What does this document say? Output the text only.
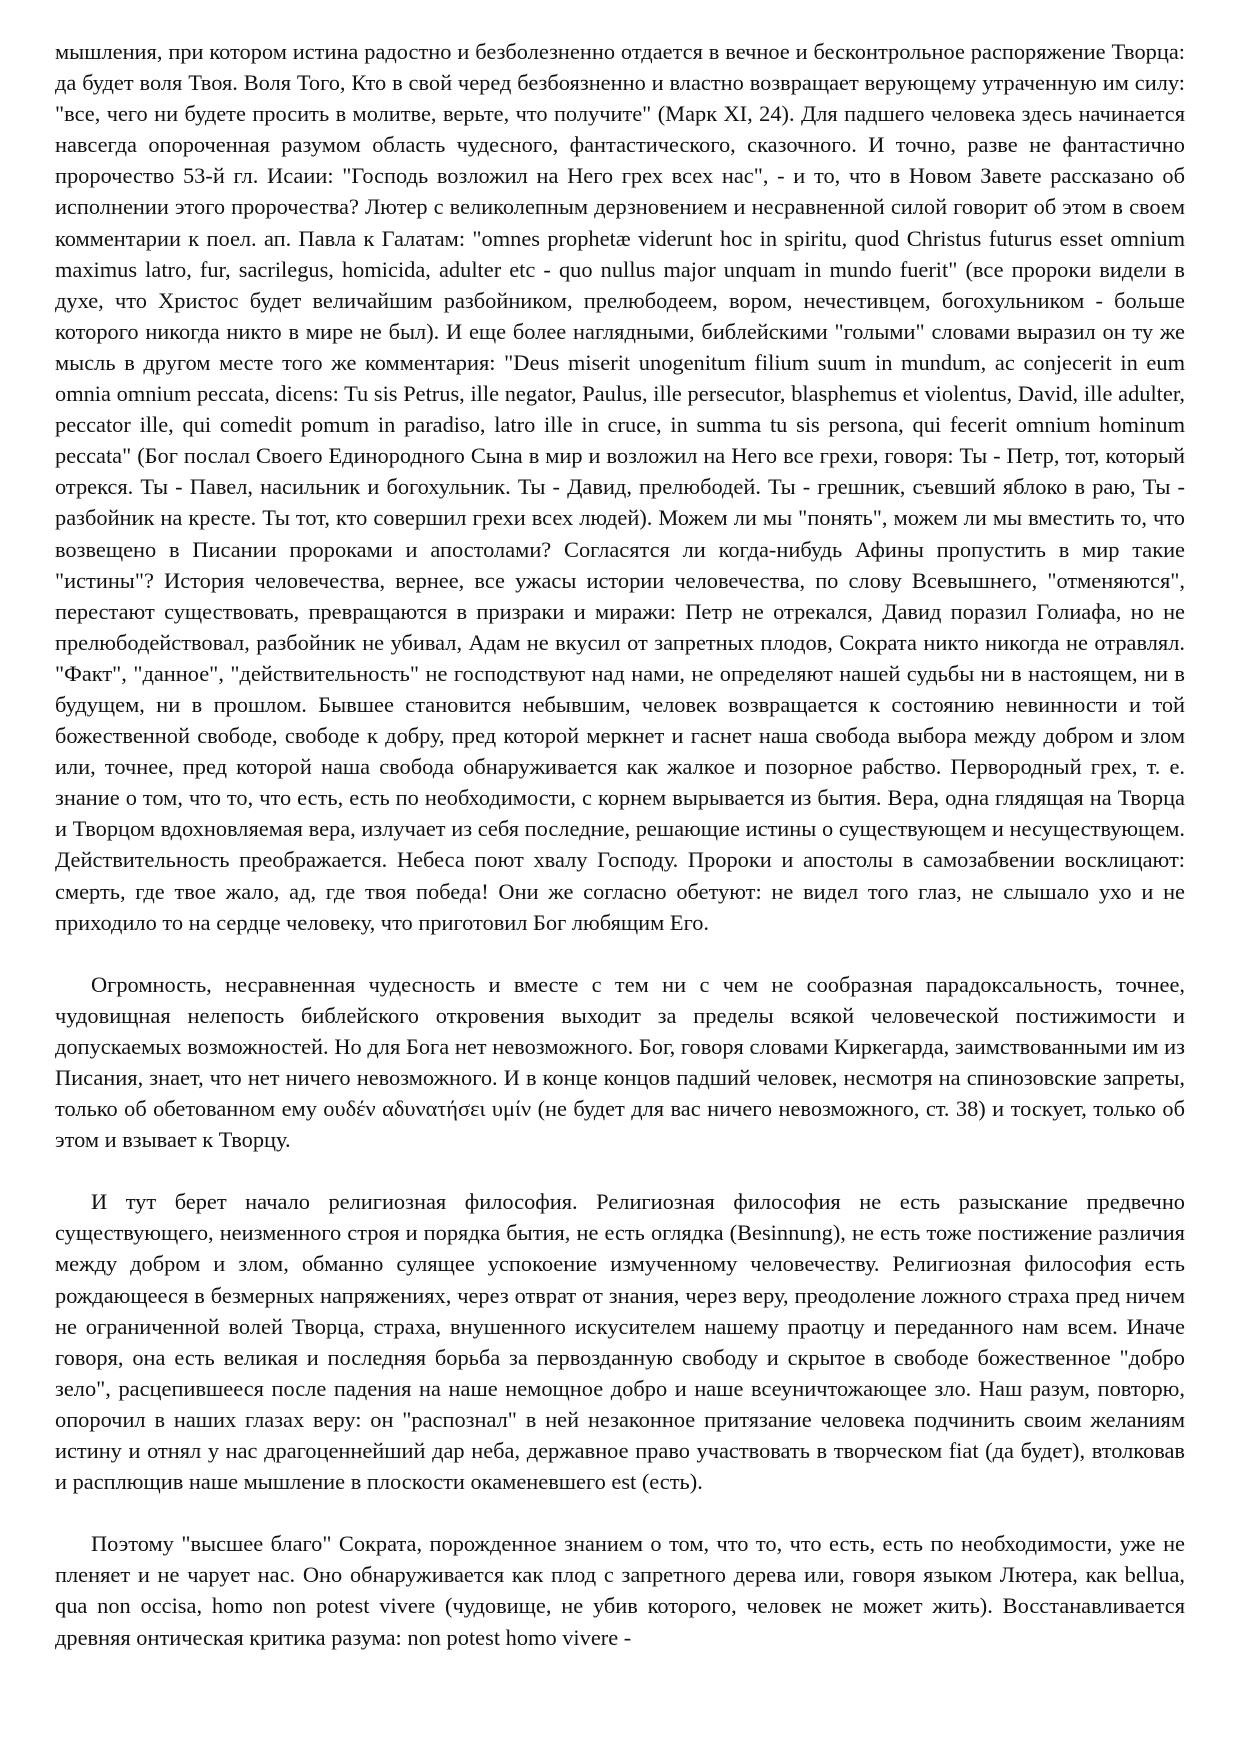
мышления, при котором истина радостно и безболезненно отдается в вечное и бесконтрольное распоряжение Творца: да будет воля Твоя. Воля Того, Кто в свой черед безбоязненно и властно возвращает верующему утраченную им силу: "все, чего ни будете просить в молитве, верьте, что получите" (Марк XI, 24). Для падшего человека здесь начинается навсегда опороченная разумом область чудесного, фантастического, сказочного. И точно, разве не фантастично пророчество 53-й гл. Исаии: "Господь возложил на Него грех всех нас", - и то, что в Новом Завете рассказано об исполнении этого пророчества? Лютер с великолепным дерзновением и несравненной силой говорит об этом в своем комментарии к поел. ап. Павла к Галатам: "omnes prophetæ viderunt hoc in spiritu, quod Christus futurus esset omnium maximus latro, fur, sacrilegus, homicida, adulter etc - quo nullus major unquam in mundo fuerit" (все пророки видели в духе, что Христос будет величайшим разбойником, прелюбодеем, вором, нечестивцем, богохульником - больше которого никогда никто в мире не был). И еще более наглядными, библейскими "голыми" словами выразил он ту же мысль в другом месте того же комментария: "Deus miserit unogenitum filium suum in mundum, ac conjecerit in eum omnia omnium peccata, dicens: Tu sis Petrus, ille negator, Paulus, ille persecutor, blasphemus et violentus, David, ille adulter, peccator ille, qui comedit pomum in paradiso, latro ille in cruce, in summa tu sis persona, qui fecerit omnium hominum peccata" (Бог послал Своего Единородного Сына в мир и возложил на Него все грехи, говоря: Ты - Петр, тот, который отрекся. Ты - Павел, насильник и богохульник. Ты - Давид, прелюбодей. Ты - грешник, съевший яблоко в раю, Ты - разбойник на кресте. Ты тот, кто совершил грехи всех людей). Можем ли мы "понять", можем ли мы вместить то, что возвещено в Писании пророками и апостолами? Согласятся ли когда-нибудь Афины пропустить в мир такие "истины"? История человечества, вернее, все ужасы истории человечества, по слову Всевышнего, "отменяются", перестают существовать, превращаются в призраки и миражи: Петр не отрекался, Давид поразил Голиафа, но не прелюбодействовал, разбойник не убивал, Адам не вкусил от запретных плодов, Сократа никто никогда не отравлял. "Факт", "данное", "действительность" не господствуют над нами, не определяют нашей судьбы ни в настоящем, ни в будущем, ни в прошлом. Бывшее становится небывшим, человек возвращается к состоянию невинности и той божественной свободе, свободе к добру, пред которой меркнет и гаснет наша свобода выбора между добром и злом или, точнее, пред которой наша свобода обнаруживается как жалкое и позорное рабство. Первородный грех, т. е. знание о том, что то, что есть, есть по необходимости, с корнем вырывается из бытия. Вера, одна глядящая на Творца и Творцом вдохновляемая вера, излучает из себя последние, решающие истины о существующем и несуществующем. Действительность преображается. Небеса поют хвалу Господу. Пророки и апостолы в самозабвении восклицают: смерть, где твое жало, ад, где твоя победа! Они же согласно обетуют: не видел того глаз, не слышало ухо и не приходило то на сердце человеку, что приготовил Бог любящим Его.

Огромность, несравненная чудесность и вместе с тем ни с чем не сообразная парадоксальность, точнее, чудовищная нелепость библейского откровения выходит за пределы всякой человеческой постижимости и допускаемых возможностей. Но для Бога нет невозможного. Бог, говоря словами Киркегарда, заимствованными им из Писания, знает, что нет ничего невозможного. И в конце концов падший человек, несмотря на спинозовские запреты, только об обетованном ему ουδέν αδυνατήσει υμίν (не будет для вас ничего невозможного, ст. 38) и тоскует, только об этом и взывает к Творцу.

И тут берет начало религиозная философия. Религиозная философия не есть разыскание предвечно существующего, неизменного строя и порядка бытия, не есть оглядка (Besinnung), не есть тоже постижение различия между добром и злом, обманно сулящее успокоение измученному человечеству. Религиозная философия есть рождающееся в безмерных напряжениях, через отврат от знания, через веру, преодоление ложного страха пред ничем не ограниченной волей Творца, страха, внушенного искусителем нашему праотцу и переданного нам всем. Иначе говоря, она есть великая и последняя борьба за первозданную свободу и скрытое в свободе божественное "добро зело", расцепившееся после падения на наше немощное добро и наше всеуничтожающее зло. Наш разум, повторю, опорочил в наших глазах веру: он "распознал" в ней незаконное притязание человека подчинить своим желаниям истину и отнял у нас драгоценнейший дар неба, державное право участвовать в творческом fiat (да будет), втолковав и расплющив наше мышление в плоскости окаменевшего est (есть).

Поэтому "высшее благо" Сократа, порожденное знанием о том, что то, что есть, есть по необходимости, уже не пленяет и не чарует нас. Оно обнаруживается как плод с запретного дерева или, говоря языком Лютера, как bellua, qua non occisa, homo non potest vivere (чудовище, не убив которого, человек не может жить). Восстанавливается древняя онтическая критика разума: non potest homo vivere -
